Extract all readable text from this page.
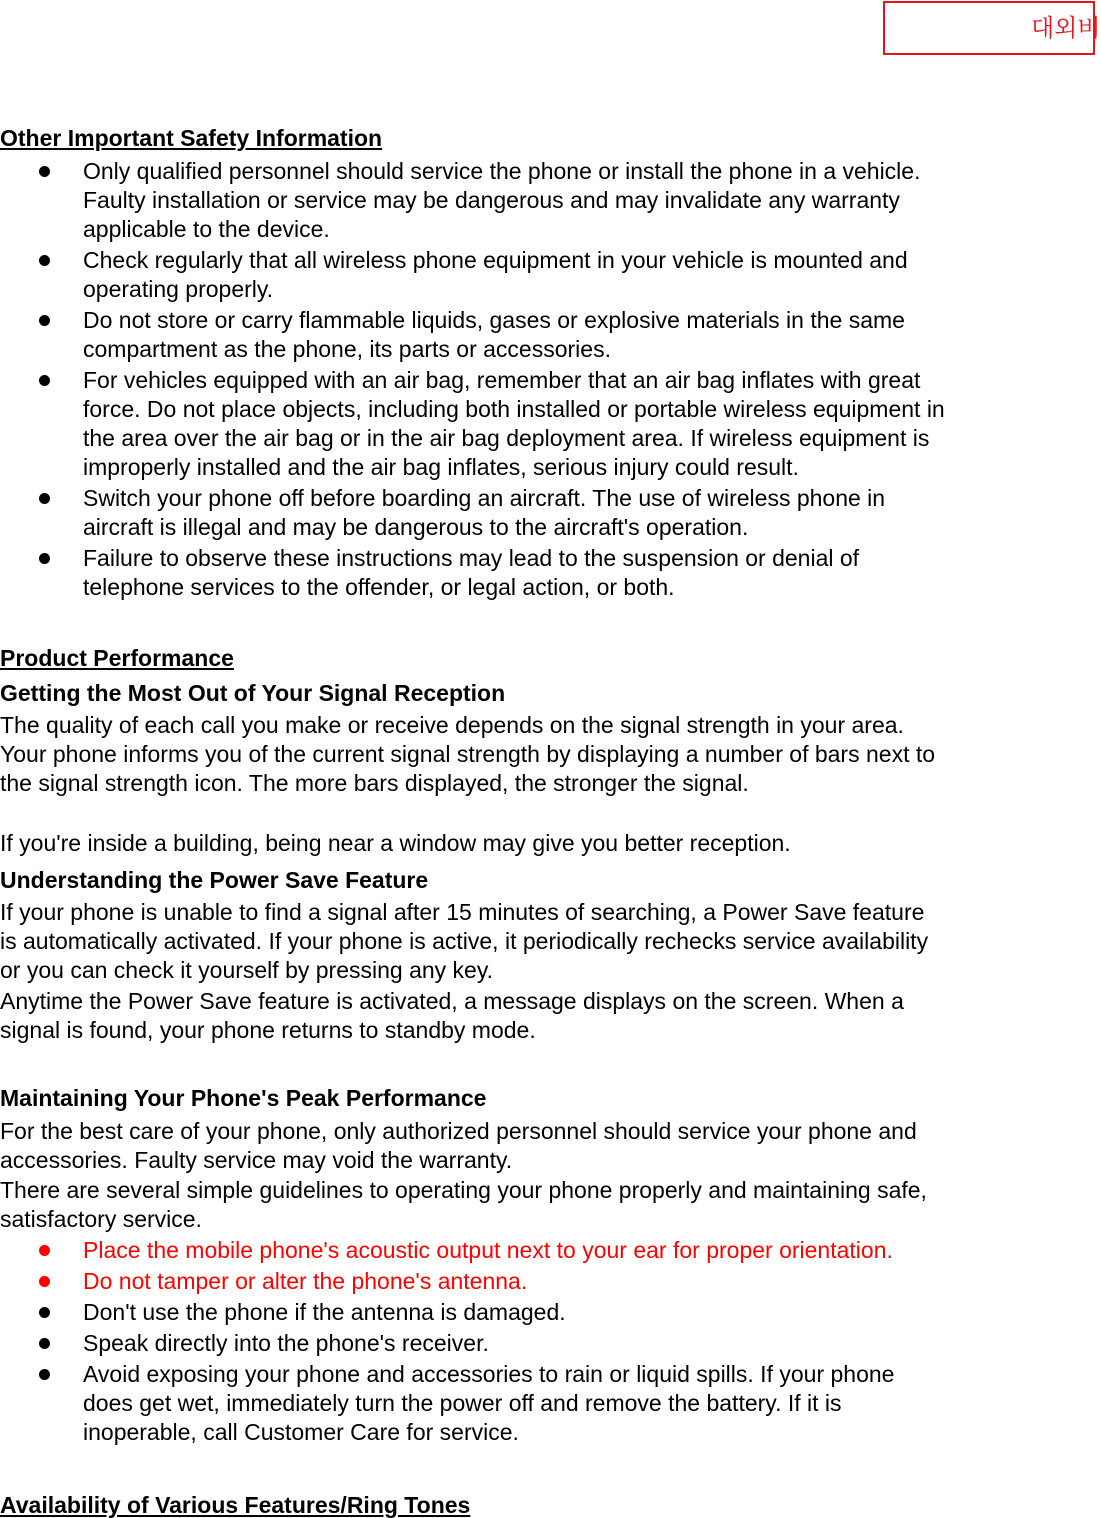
대외비
Other Important Safety Information
Only qualified personnel should service the phone or install the phone in a vehicle. Faulty installation or service may be dangerous and may invalidate any warranty applicable to the device.
Check regularly that all wireless phone equipment in your vehicle is mounted and operating properly.
Do not store or carry flammable liquids, gases or explosive materials in the same compartment as the phone, its parts or accessories.
For vehicles equipped with an air bag, remember that an air bag inflates with great force. Do not place objects, including both installed or portable wireless equipment in the area over the air bag or in the air bag deployment area. If wireless equipment is improperly installed and the air bag inflates, serious injury could result.
Switch your phone off before boarding an aircraft. The use of wireless phone in aircraft is illegal and may be dangerous to the aircraft's operation.
Failure to observe these instructions may lead to the suspension or denial of telephone services to the offender, or legal action, or both.
Product Performance
Getting the Most Out of Your Signal Reception

The quality of each call you make or receive depends on the signal strength in your area. Your phone informs you of the current signal strength by displaying a number of bars next to the signal strength icon. The more bars displayed, the stronger the signal.

If you're inside a building, being near a window may give you better reception.

Understanding the Power Save Feature

If your phone is unable to find a signal after 15 minutes of searching, a Power Save feature is automatically activated. If your phone is active, it periodically rechecks service availability or you can check it yourself by pressing any key.

Anytime the Power Save feature is activated, a message displays on the screen. When a signal is found, your phone returns to standby mode.

Maintaining Your Phone's Peak Performance

For the best care of your phone, only authorized personnel should service your phone and accessories. Faulty service may void the warranty.

There are several simple guidelines to operating your phone properly and maintaining safe, satisfactory service.

Place the mobile phone's acoustic output next to your ear for proper orientation.
Do not tamper or alter the phone's antenna.
Don't use the phone if the antenna is damaged.
Speak directly into the phone's receiver.
Avoid exposing your phone and accessories to rain or liquid spills. If your phone does get wet, immediately turn the power off and remove the battery. If it is inoperable, call Customer Care for service.
Availability of Various Features/Ring Tones
